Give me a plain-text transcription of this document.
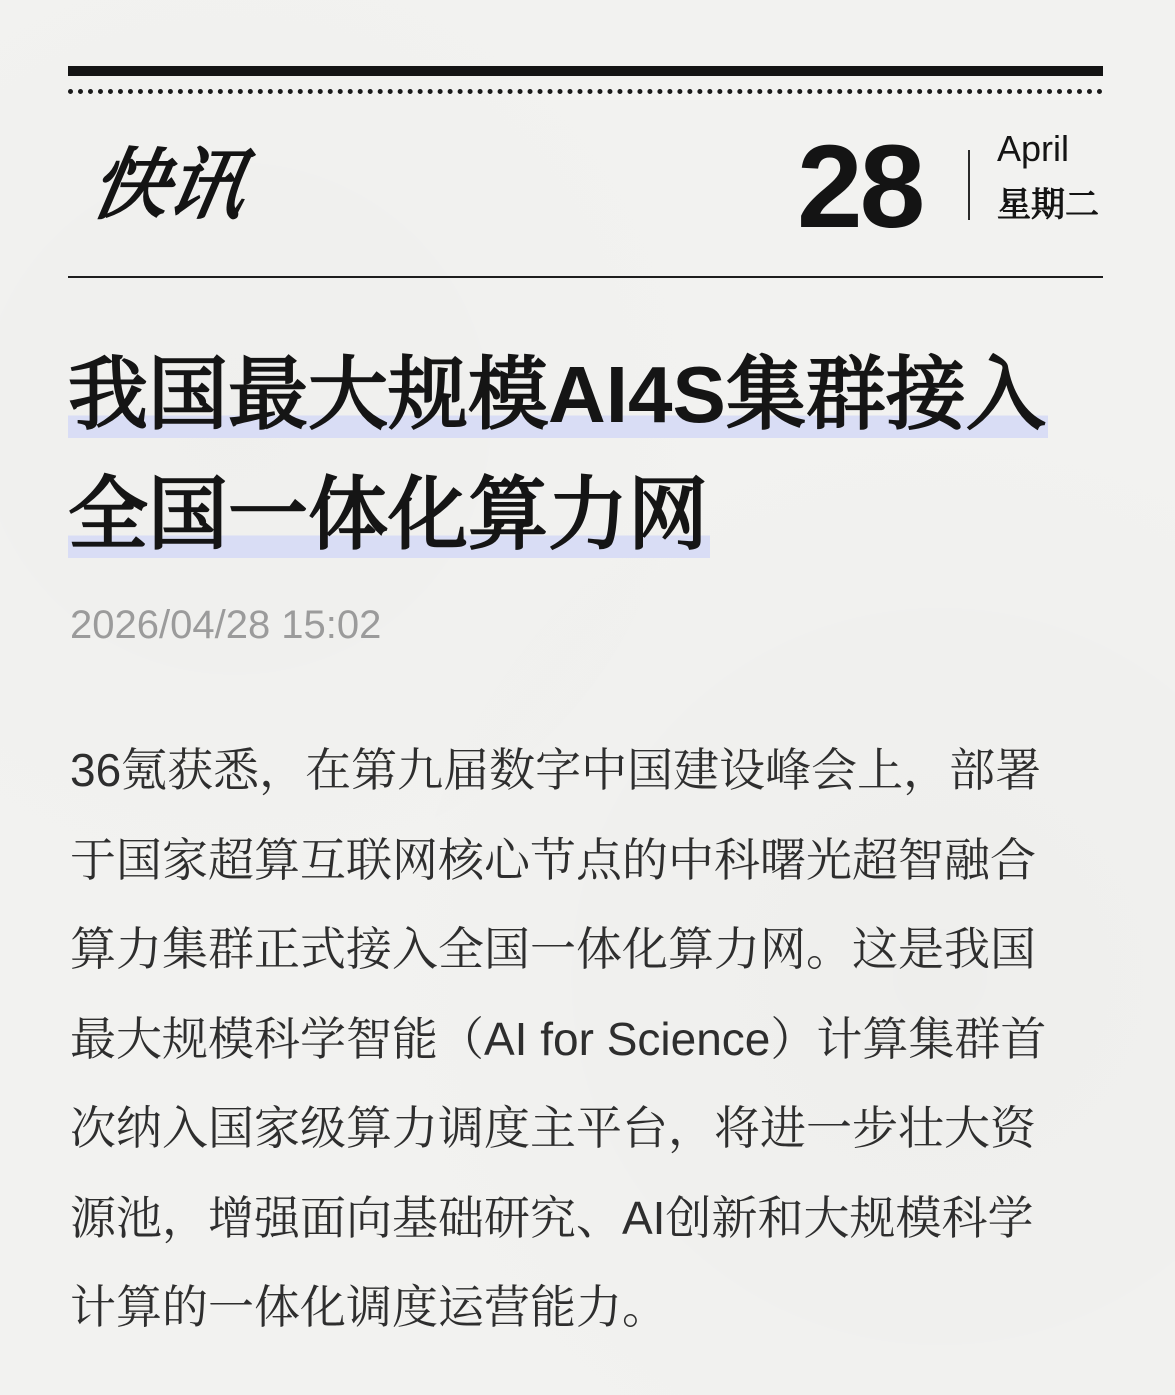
快讯	28 April
星期二
我国最大规模AI4S集群接入
全国一体化算力网
2026/04/28 15:02
36氪获悉，在第九届数字中国建设峰会上，部署
于国家超算互联网核心节点的中科曙光超智融合
算力集群正式接入全国一体化算力网。这是我国
最大规模科学智能（AI for Science）计算集群首
次纳入国家级算力调度主平台，将进一步壮大资
源池，增强面向基础研究、AI创新和大规模科学
计算的一体化调度运营能力。
